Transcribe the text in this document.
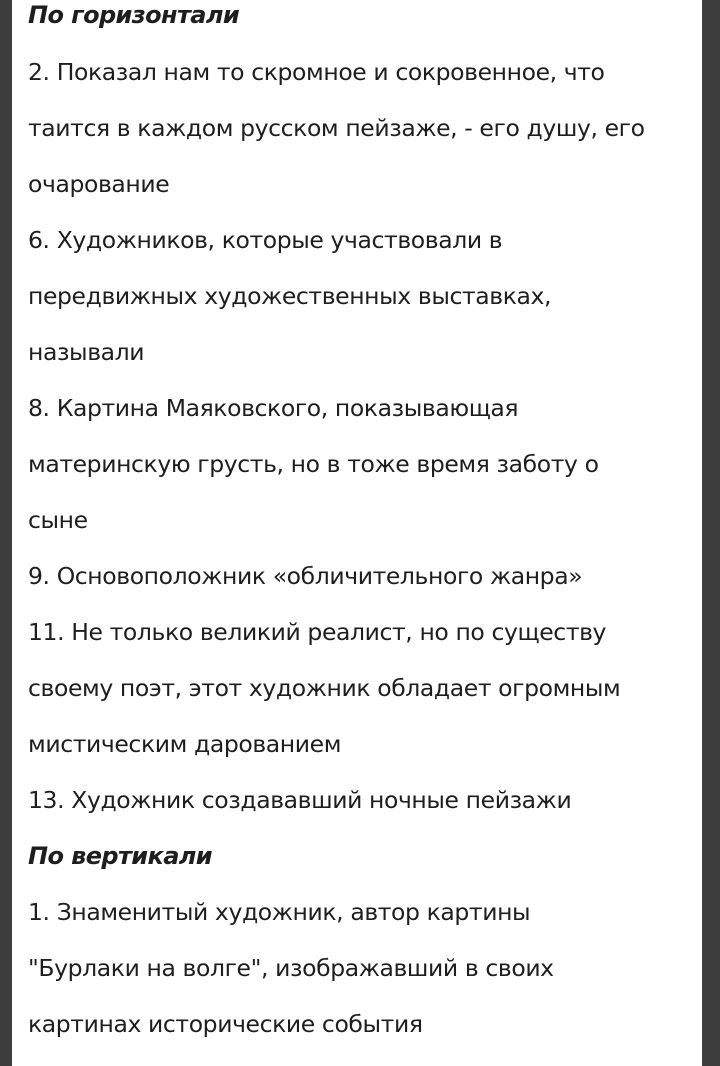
По горизонтали
2. Показал нам то скромное и сокровенное, что
таится в каждом русском пейзаже, - его душу, его
очарование
6. Художников, которые участвовали в
передвижных художественных выставках,
называли
8. Картина Маяковского, показывающая
материнскую грусть, но в тоже время заботу о
сыне
9. Основоположник «обличительного жанра»
11. Не только великий реалист, но по существу
своему поэт, этот художник обладает огромным
мистическим дарованием
13. Художник создававший ночные пейзажи
По вертикали
1. Знаменитый художник, автор картины
"Бурлаки на волге", изображавший в своих
картинах исторические события
